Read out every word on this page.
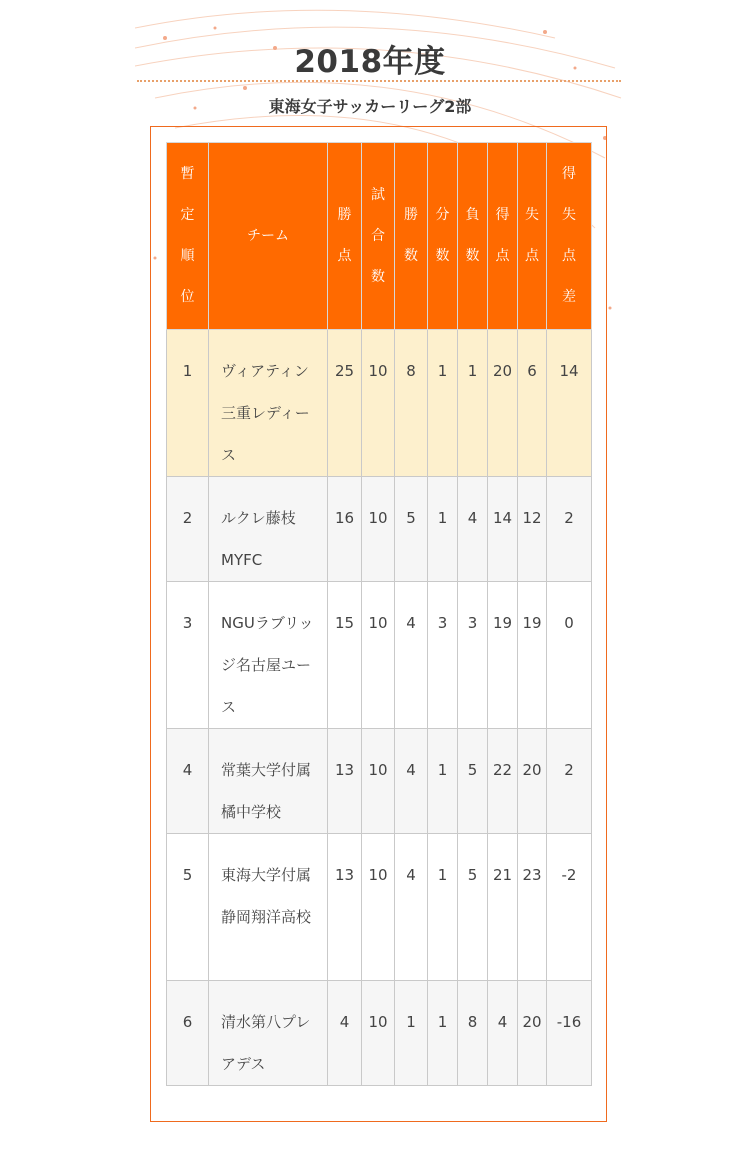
2018年度
東海女子サッカーリーグ2部
暫定順位	チーム	勝点	試合数	勝数	分数	負数	得点	失点	得失点差
1	ヴィアティン三重レディース	25	10	8	1	1	20	6	14
2	ルクレ藤枝MYFC	16	10	5	1	4	14	12	2
3	NGUラブリッジ名古屋ユース	15	10	4	3	3	19	19	0
4	常葉大学付属橘中学校	13	10	4	1	5	22	20	2
5	東海大学付属静岡翔洋高校	13	10	4	1	5	21	23	-2
6	清水第八プレアデス	4	10	1	1	8	4	20	-16
